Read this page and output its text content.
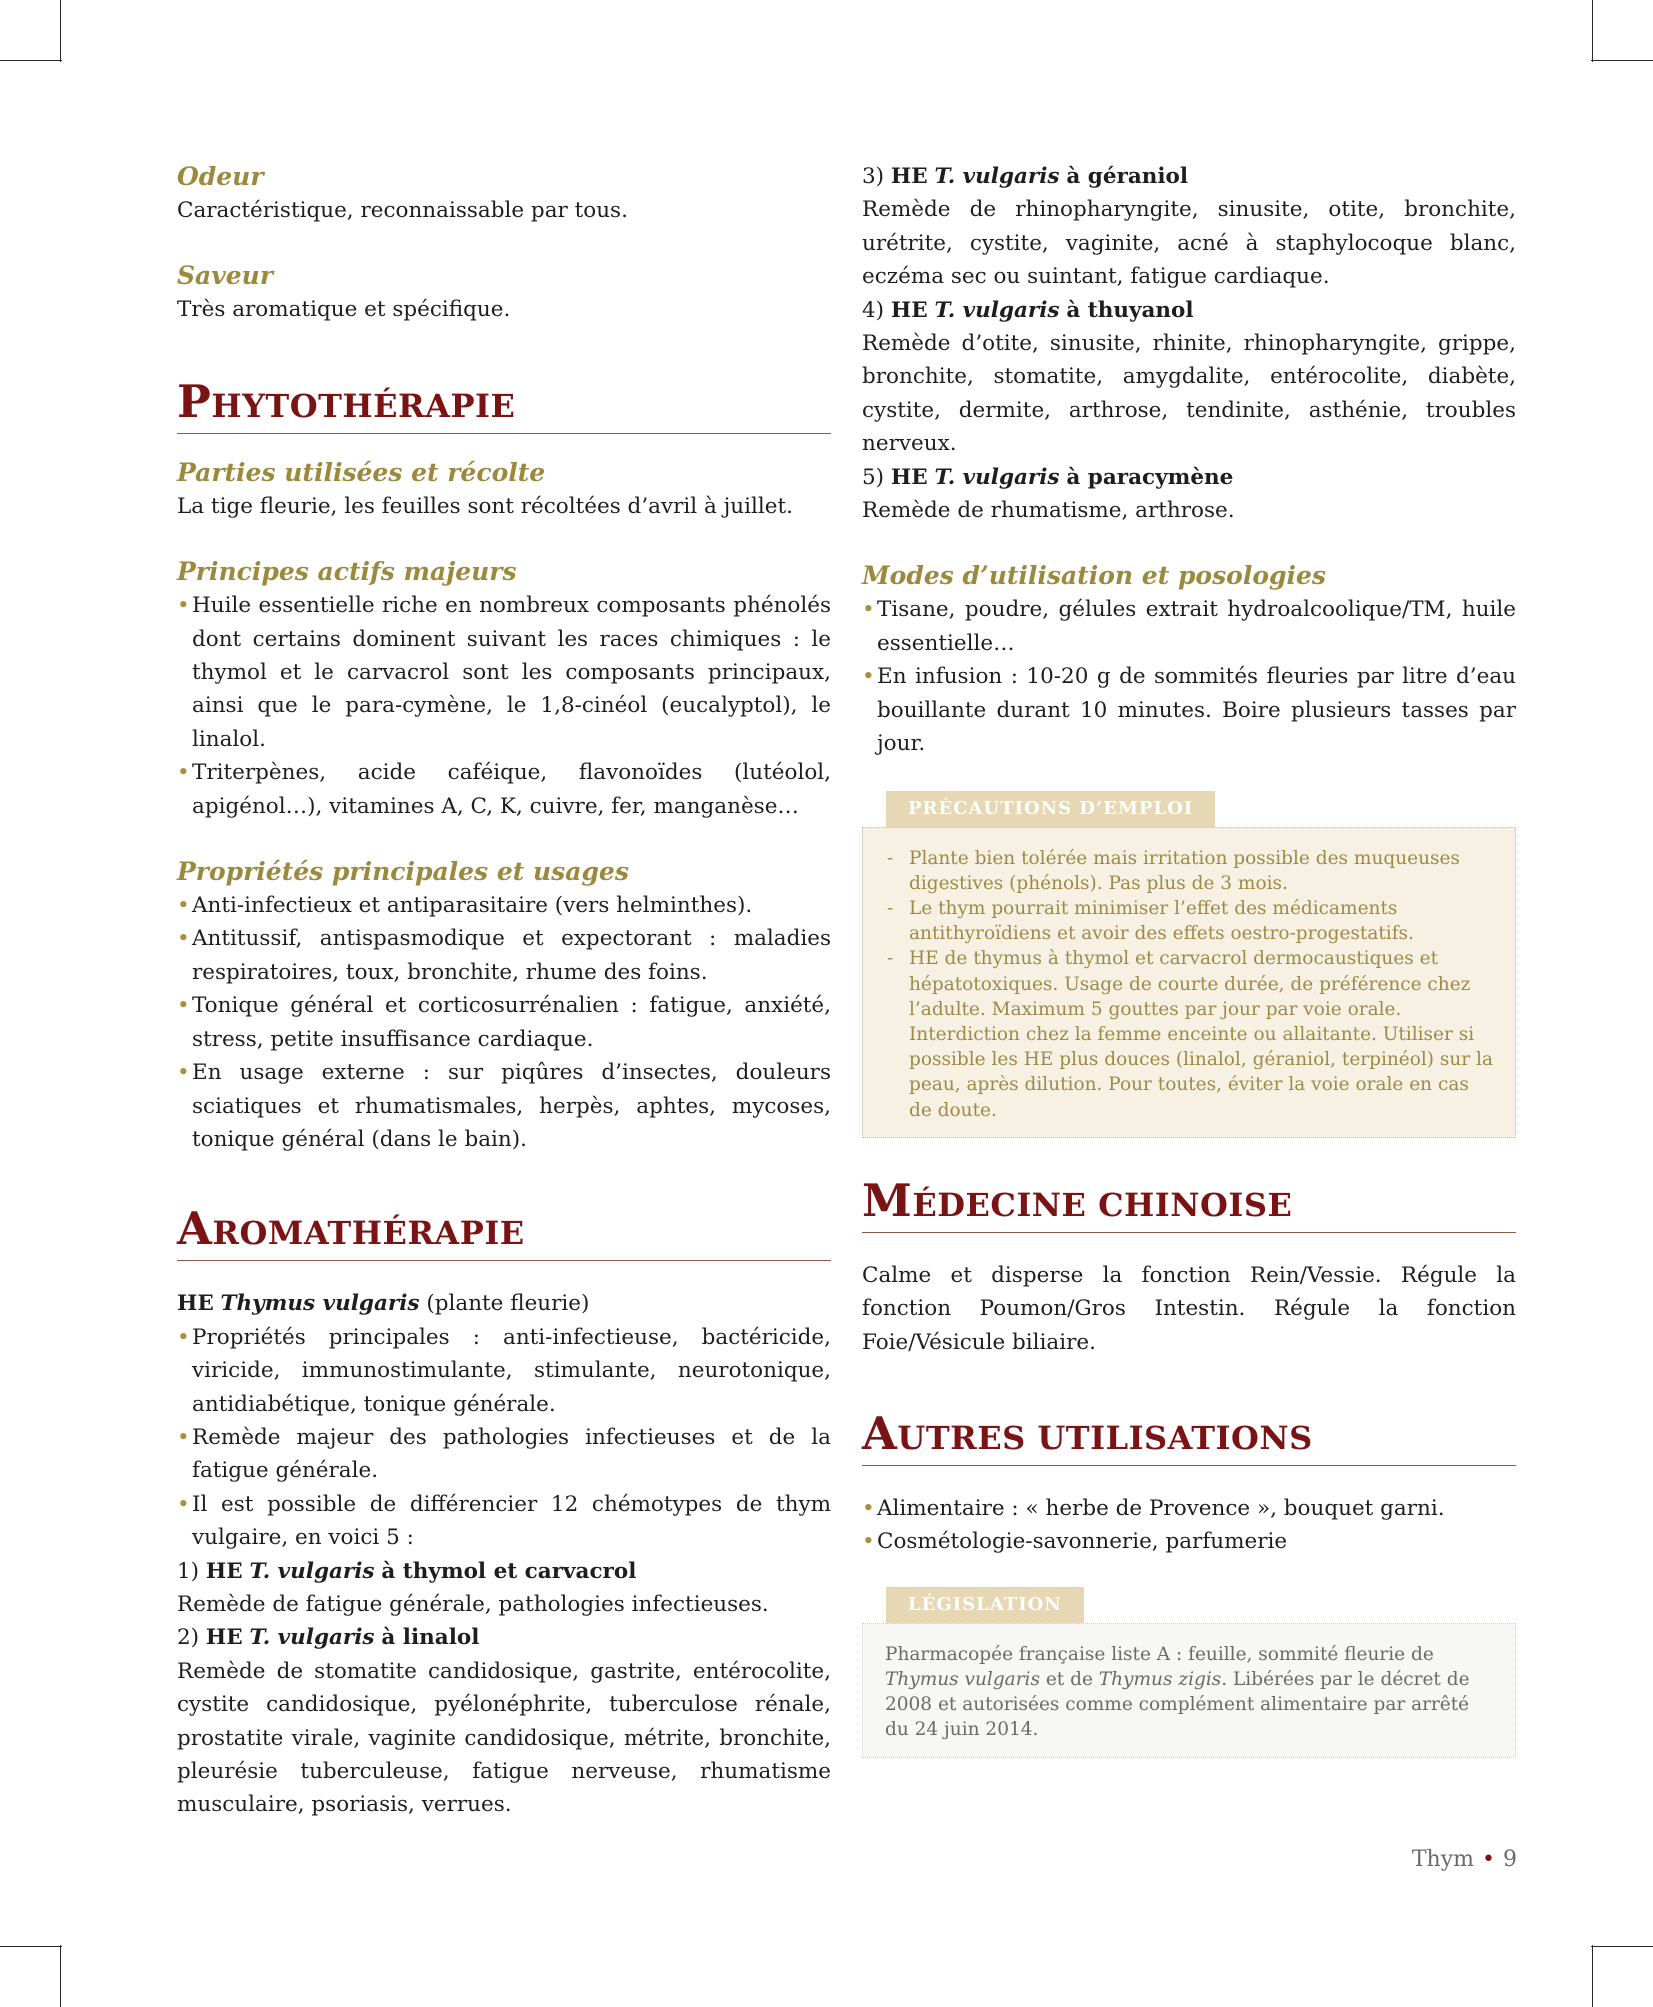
Odeur

Caractéristique, reconnaissable par tous.

Saveur

Très aromatique et spécifique.

PHYTOTHÉRAPIE
Parties utilisées et récolte

La tige fleurie, les feuilles sont récoltées d’avril à juillet.

Principes actifs majeurs
• Huile essentielle riche en nombreux composants phénolés dont certains dominent suivant les races chimiques : le thymol et le carvacrol sont les composants principaux, ainsi que le para-cymène, le 1,8-cinéol (eucalyptol), le linalol.
• Triterpènes, acide caféique, flavonoïdes (lutéolol, apigénol…), vitamines A, C, K, cuivre, fer, manganèse…
Propriétés principales et usages
• Anti-infectieux et antiparasitaire (vers helminthes).
• Antitussif, antispasmodique et expectorant : maladies respiratoires, toux, bronchite, rhume des foins.
• Tonique général et corticosurrénalien : fatigue, anxiété, stress, petite insuffisance cardiaque.
• En usage externe : sur piqûres d’insectes, douleurs sciatiques et rhumatismales, herpès, aphtes, mycoses, tonique général (dans le bain).
AROMATHÉRAPIE

HE Thymus vulgaris (plante fleurie)

• Propriétés principales : anti-infectieuse, bactéricide, viricide, immunostimulante, stimulante, neurotonique, antidiabétique, tonique générale.
• Remède majeur des pathologies infectieuses et de la fatigue générale.
• Il est possible de différencier 12 chémotypes de thym vulgaire, en voici 5 :

1) HE T. vulgaris à thymol et carvacrol

Remède de fatigue générale, pathologies infectieuses.

2) HE T. vulgaris à linalol

Remède de stomatite candidosique, gastrite, entérocolite, cystite candidosique, pyélonéphrite, tuberculose rénale, prostatite virale, vaginite candidosique, métrite, bronchite, pleurésie tuberculeuse, fatigue nerveuse, rhumatisme musculaire, psoriasis, verrues.

3) HE T. vulgaris à géraniol

Remède de rhinopharyngite, sinusite, otite, bronchite, urétrite, cystite, vaginite, acné à staphylocoque blanc, eczéma sec ou suintant, fatigue cardiaque.

4) HE T. vulgaris à thuyanol

Remède d’otite, sinusite, rhinite, rhinopharyngite, grippe, bronchite, stomatite, amygdalite, entérocolite, diabète, cystite, dermite, arthrose, tendinite, asthénie, troubles nerveux.

5) HE T. vulgaris à paracymène

Remède de rhumatisme, arthrose.

Modes d’utilisation et posologies
• Tisane, poudre, gélules extrait hydroalcoolique/TM, huile essentielle…
• En infusion : 10-20 g de sommités fleuries par litre d’eau bouillante durant 10 minutes. Boire plusieurs tasses par jour.
PRÉCAUTIONS D’EMPLOI
- Plante bien tolérée mais irritation possible des muqueuses digestives (phénols). Pas plus de 3 mois.
- Le thym pourrait minimiser l’effet des médicaments antithyroïdiens et avoir des effets oestro-progestatifs.
- HE de thymus à thymol et carvacrol dermocaustiques et hépatotoxiques. Usage de courte durée, de préférence chez l’adulte. Maximum 5 gouttes par jour par voie orale. Interdiction chez la femme enceinte ou allaitante. Utiliser si possible les HE plus douces (linalol, géraniol, terpinéol) sur la peau, après dilution. Pour toutes, éviter la voie orale en cas de doute.
MÉDECINE CHINOISE

Calme et disperse la fonction Rein/Vessie. Régule la fonction Poumon/Gros Intestin. Régule la fonction Foie/Vésicule biliaire.

AUTRES UTILISATIONS
• Alimentaire : « herbe de Provence », bouquet garni.
• Cosmétologie-savonnerie, parfumerie
LÉGISLATION

Pharmacopée française liste A : feuille, sommité fleurie de Thymus vulgaris et de Thymus zigis. Libérées par le décret de 2008 et autorisées comme complément alimentaire par arrêté du 24 juin 2014.

Thym • 9
